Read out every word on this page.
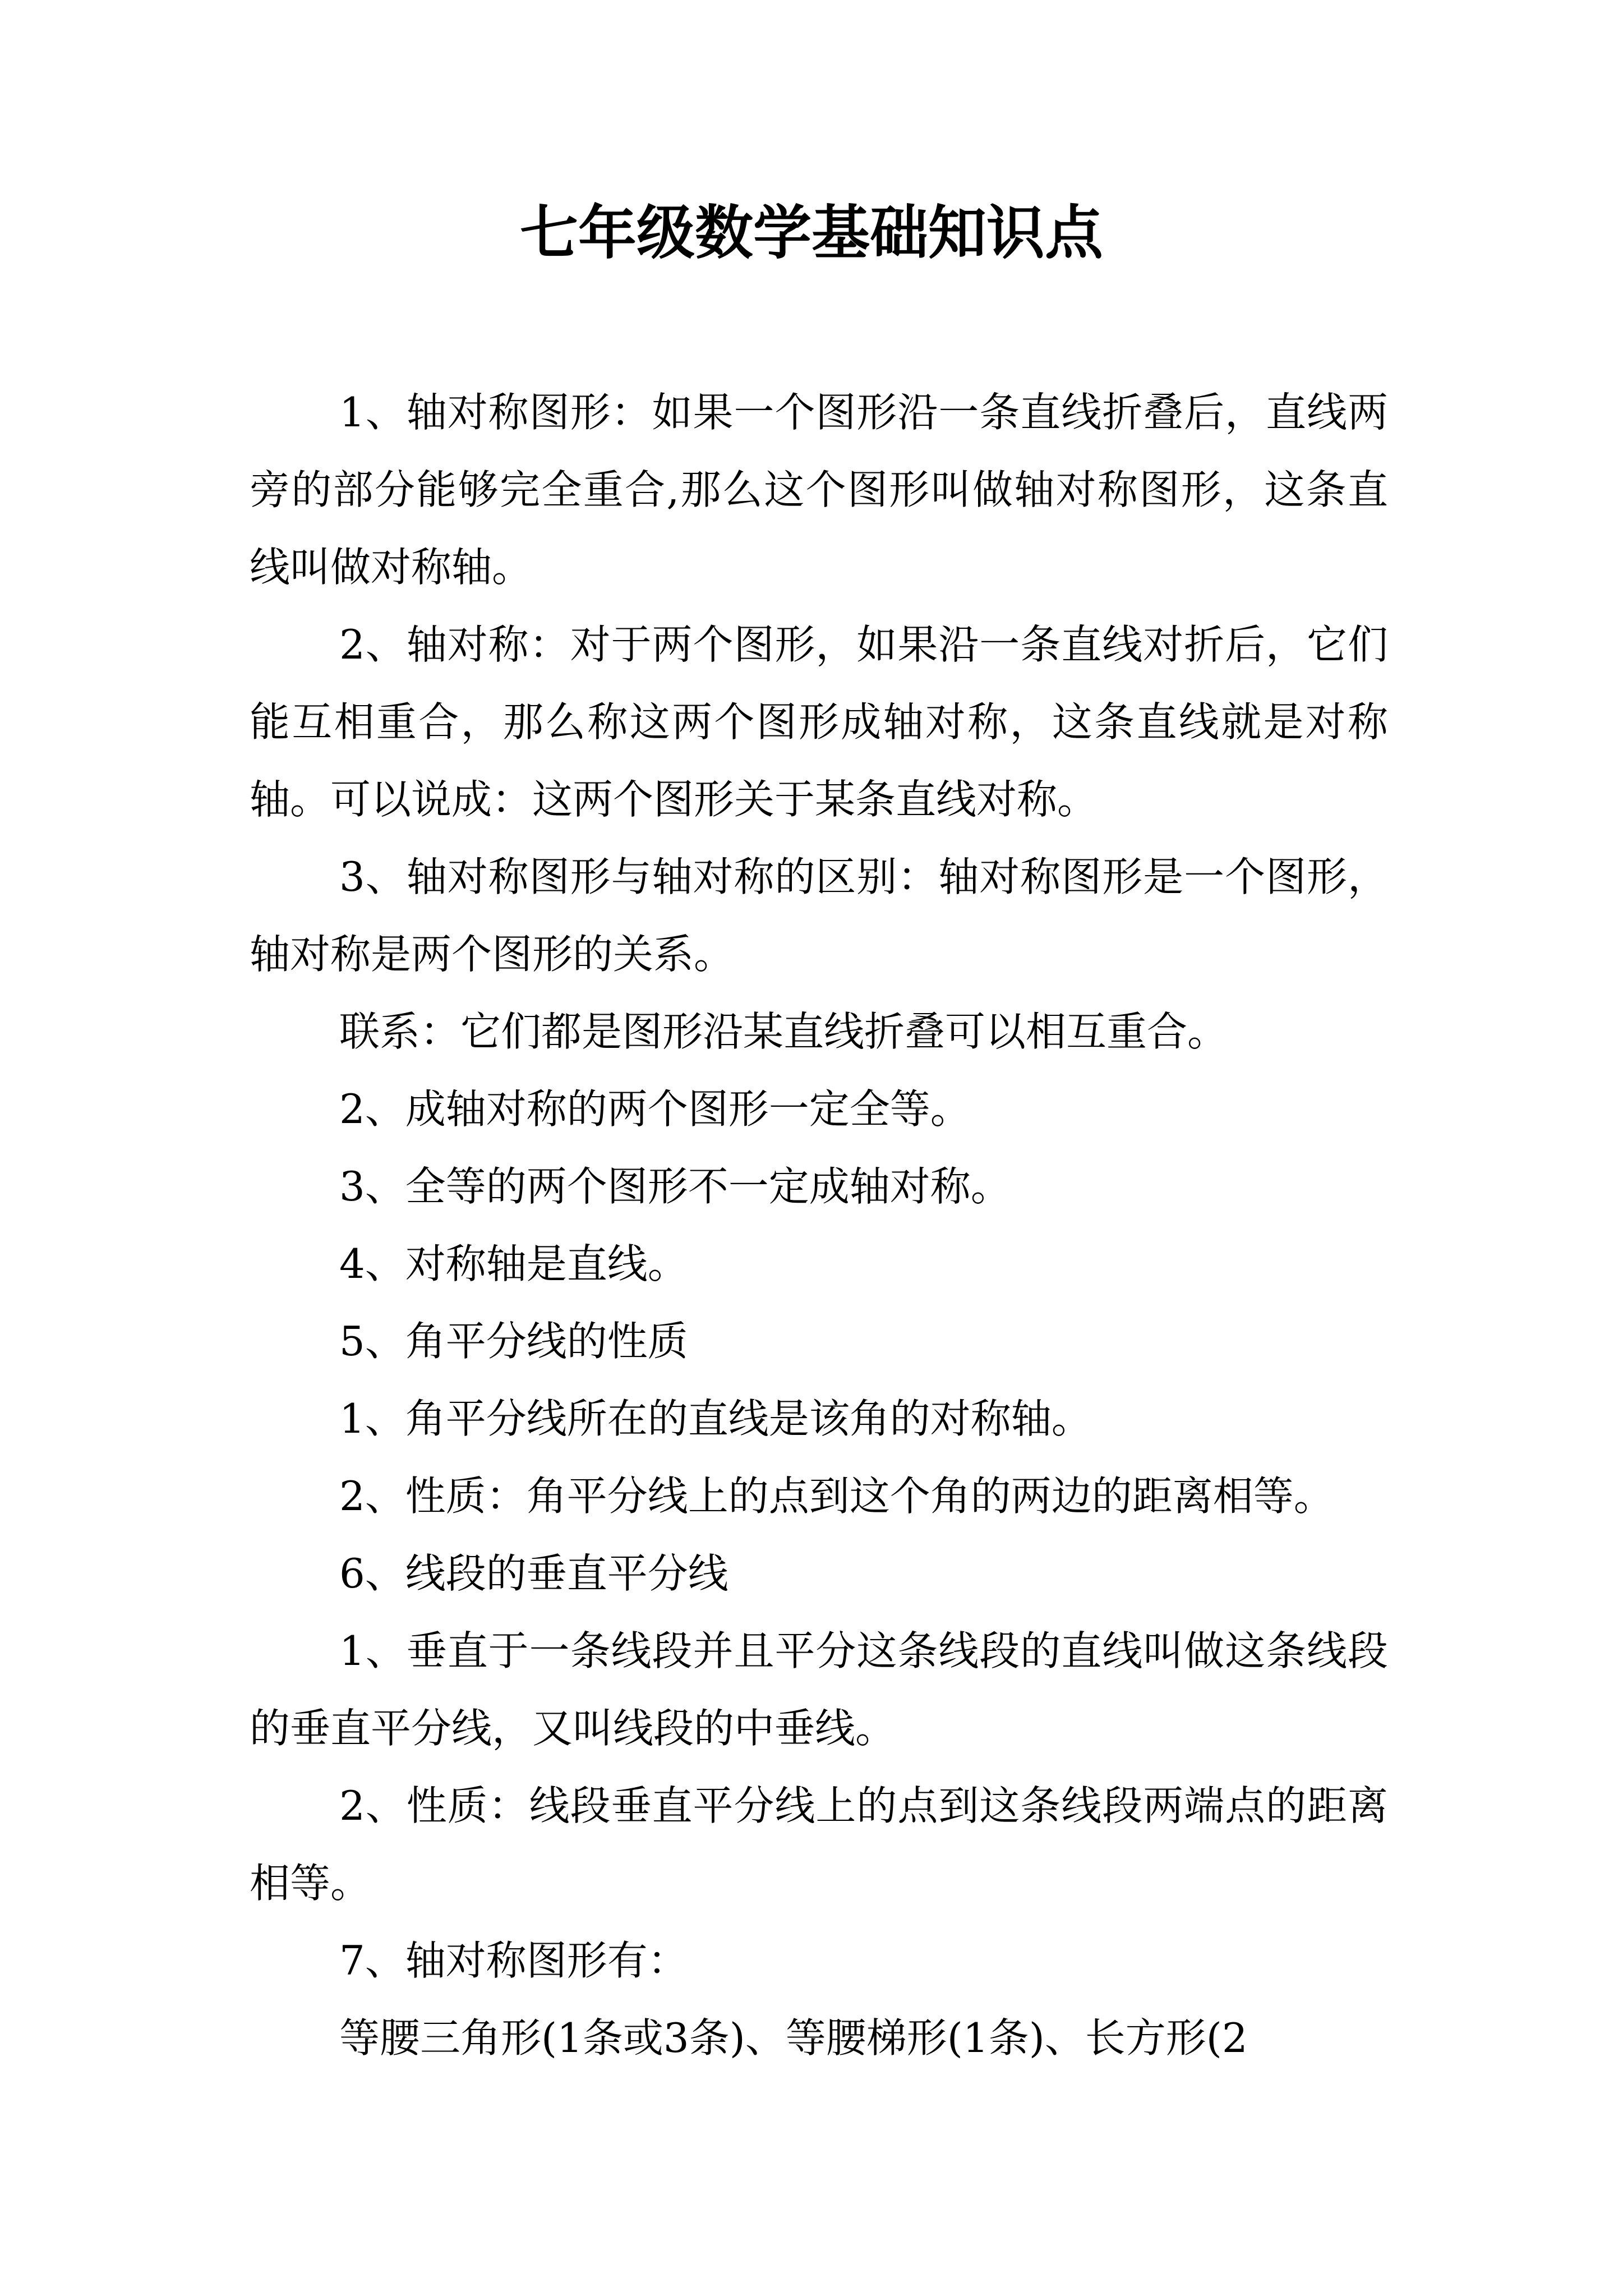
七年级数学基础知识点

1、轴对称图形：如果一个图形沿一条直线折叠后，直线两旁的部分能够完全重合,那么这个图形叫做轴对称图形，这条直线叫做对称轴。

2、轴对称：对于两个图形，如果沿一条直线对折后，它们能互相重合，那么称这两个图形成轴对称，这条直线就是对称轴。可以说成：这两个图形关于某条直线对称。

3、轴对称图形与轴对称的区别：轴对称图形是一个图形，轴对称是两个图形的关系。

联系：它们都是图形沿某直线折叠可以相互重合。

2、成轴对称的两个图形一定全等。

3、全等的两个图形不一定成轴对称。

4、对称轴是直线。

5、角平分线的性质

1、角平分线所在的直线是该角的对称轴。

2、性质：角平分线上的点到这个角的两边的距离相等。

6、线段的垂直平分线

1、垂直于一条线段并且平分这条线段的直线叫做这条线段的垂直平分线，又叫线段的中垂线。

2、性质：线段垂直平分线上的点到这条线段两端点的距离相等。

7、轴对称图形有：

等腰三角形(1条或3条)、等腰梯形(1条)、长方形(2
